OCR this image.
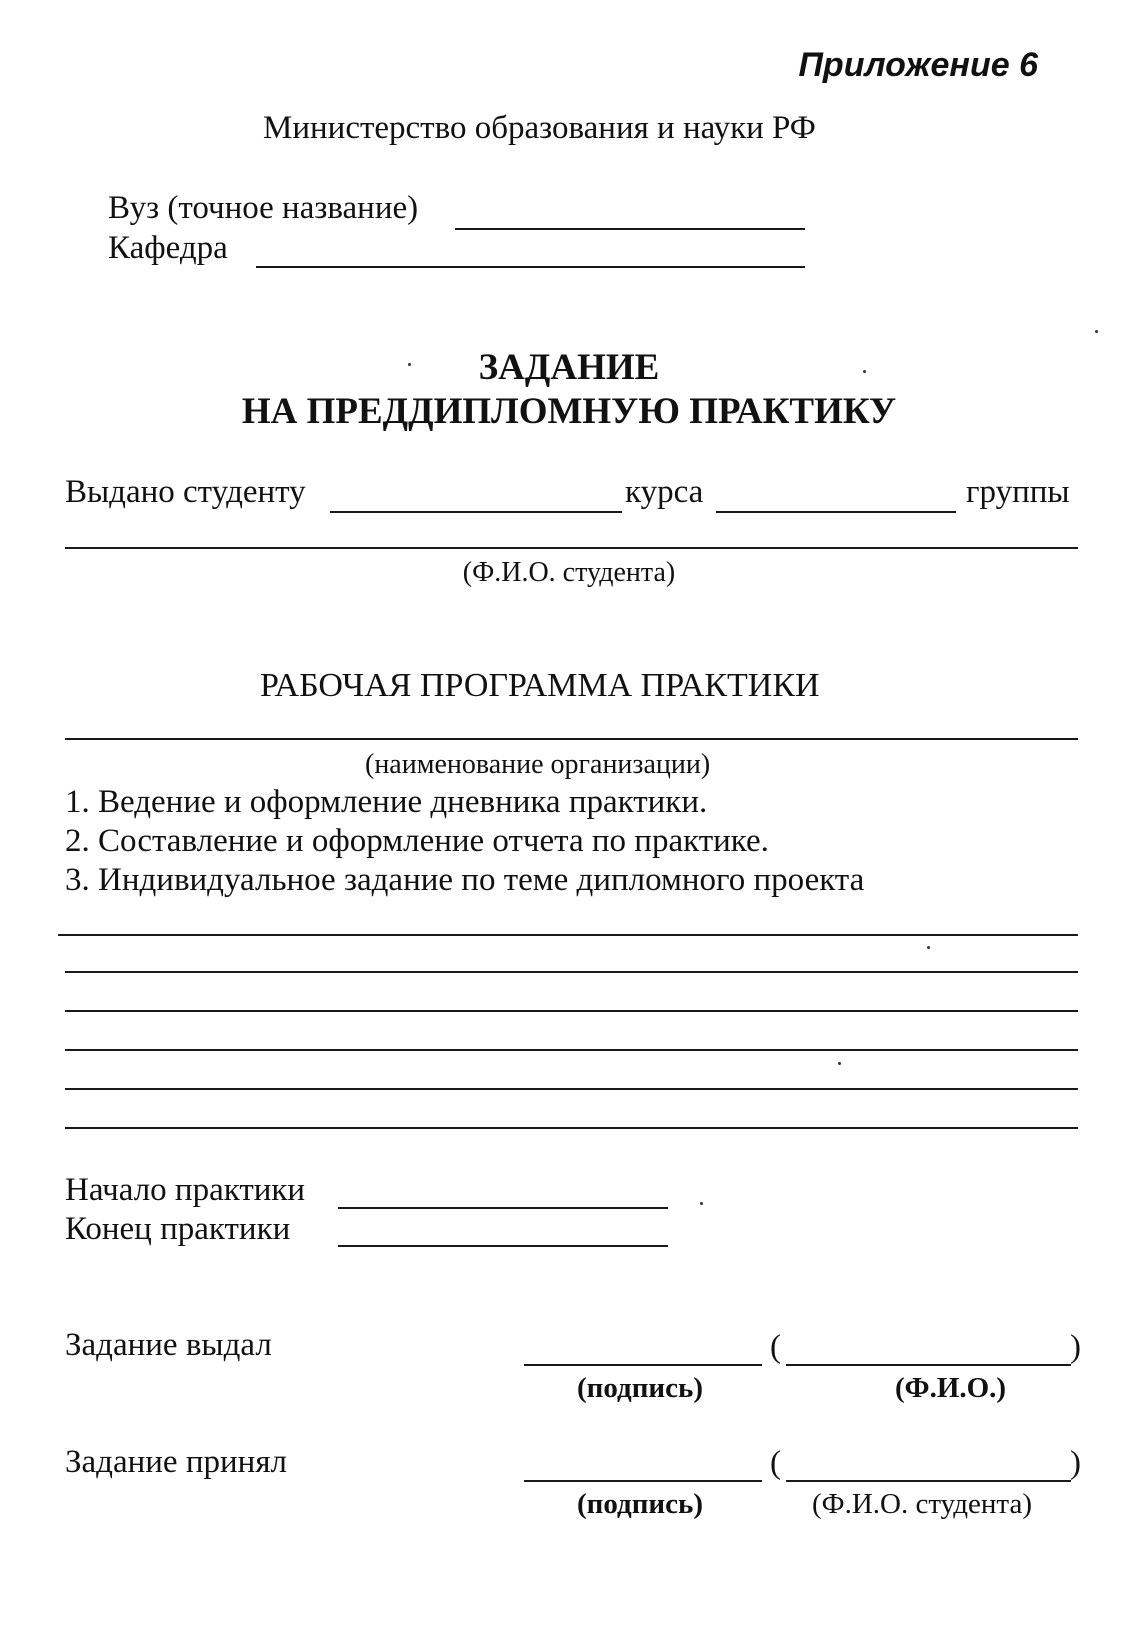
Приложение 6
Министерство образования и науки РФ
Вуз (точное название)
Кафедра
ЗАДАНИЕ
НА ПРЕДДИПЛОМНУЮ ПРАКТИКУ
Выдано студенту	курса	группы
(Ф.И.О. студента)
РАБОЧАЯ ПРОГРАММА ПРАКТИКИ
(наименование организации)
1. Ведение и оформление дневника практики.
2. Составление и оформление отчета по практике.
3. Индивидуальное задание по теме дипломного проекта
Начало практики
Конец практики
Задание выдал	(	)
(подпись)	(Ф.И.О.)
Задание принял	(	)
(подпись)	(Ф.И.О. студента)
